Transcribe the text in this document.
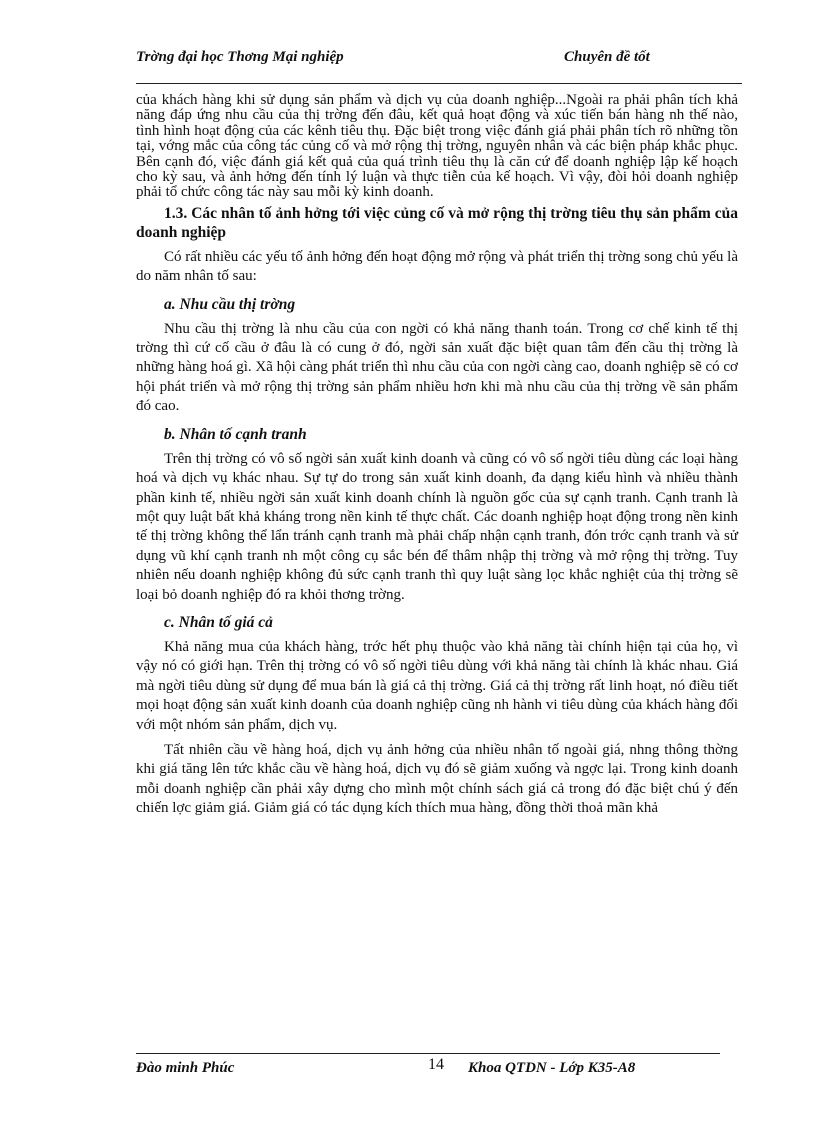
Trờng đại học Thơng Mại nghiệp	Chuyên đề tốt

của khách hàng khi sử dụng sản phẩm và dịch vụ của doanh nghiệp...Ngoài ra phải phân tích khả năng đáp ứng nhu cầu của thị trờng đến đâu, kết quả hoạt động và xúc tiến bán hàng nh thế nào, tình hình hoạt động của các kênh tiêu thụ. Đặc biệt trong việc đánh giá phải phân tích rõ những tồn tại, vớng mắc của công tác củng cố và mở rộng thị trờng, nguyên nhân và các biện pháp khắc phục. Bên cạnh đó, việc đánh giá kết quả của quá trình tiêu thụ là căn cứ để doanh nghiệp lập kế hoạch cho kỳ sau, và ảnh hởng đến tính lý luận và thực tiễn của kế hoạch. Vì vậy, đòi hỏi doanh nghiệp phải tổ chức công tác này sau mỗi kỳ kinh doanh.

1.3. Các nhân tố ảnh hởng tới việc củng cố và mở rộng thị trờng tiêu thụ sản phẩm của doanh nghiệp

Có rất nhiều các yếu tố ảnh hởng đến hoạt động mở rộng và phát triển thị trờng song chủ yếu là do năm nhân tố sau:

a. Nhu cầu thị trờng

Nhu cầu thị trờng là nhu cầu của con ngời có khả năng thanh toán. Trong cơ chế kinh tế thị trờng thì cứ cố cầu ở đâu là có cung ở đó, ngời sản xuất đặc biệt quan tâm đến cầu thị trờng là những hàng hoá gì. Xã hội càng phát triển thì nhu cầu của con ngời càng cao, doanh nghiệp sẽ có cơ hội phát triển và mở rộng thị trờng sản phẩm nhiều hơn khi mà nhu cầu của thị trờng về sản phẩm đó cao.

b. Nhân tố cạnh tranh

Trên thị trờng có vô số ngời sản xuất kinh doanh và cũng có vô số ngời tiêu dùng các loại hàng hoá và dịch vụ khác nhau. Sự tự do trong sản xuất kinh doanh, đa dạng kiểu hình và nhiều thành phần kinh tế, nhiều ngời sản xuất kinh doanh chính là nguồn gốc của sự cạnh tranh. Cạnh tranh là một quy luật bất khả kháng trong nền kinh tế thực chất. Các doanh nghiệp hoạt động trong nền kinh tế thị trờng không thể lẩn tránh cạnh tranh mà phải chấp nhận cạnh tranh, đón trớc cạnh tranh và sử dụng vũ khí cạnh tranh nh một công cụ sắc bén để thâm nhập thị trờng và mở rộng thị trờng. Tuy nhiên nếu doanh nghiệp không đủ sức cạnh tranh thì quy luật sàng lọc khắc nghiệt của thị trờng sẽ loại bỏ doanh nghiệp đó ra khỏi thơng trờng.

c. Nhân tố giá cả

Khả năng mua của khách hàng, trớc hết phụ thuộc vào khả năng tài chính hiện tại của họ, vì vậy nó có giới hạn. Trên thị trờng có vô số ngời tiêu dùng với khả năng tài chính là khác nhau. Giá mà ngời tiêu dùng sử dụng để mua bán là giá cả thị trờng. Giá cả thị trờng rất linh hoạt, nó điều tiết mọi hoạt động sản xuất kinh doanh của doanh nghiệp cũng nh hành vi tiêu dùng của khách hàng đối với một nhóm sản phẩm, dịch vụ.

Tất nhiên cầu về hàng hoá, dịch vụ ảnh hởng của nhiều nhân tố ngoài giá, nhng thông thờng khi giá tăng lên tức khắc cầu về hàng hoá, dịch vụ đó sẽ giảm xuống và ngợc lại. Trong kinh doanh mỗi doanh nghiệp cần phải xây dựng cho mình một chính sách giá cả trong đó đặc biệt chú ý đến chiến lợc giảm giá. Giảm giá có tác dụng kích thích mua hàng, đồng thời thoả mãn khả

Đào minh Phúc	14 Khoa QTDN - Lớp K35-A8
